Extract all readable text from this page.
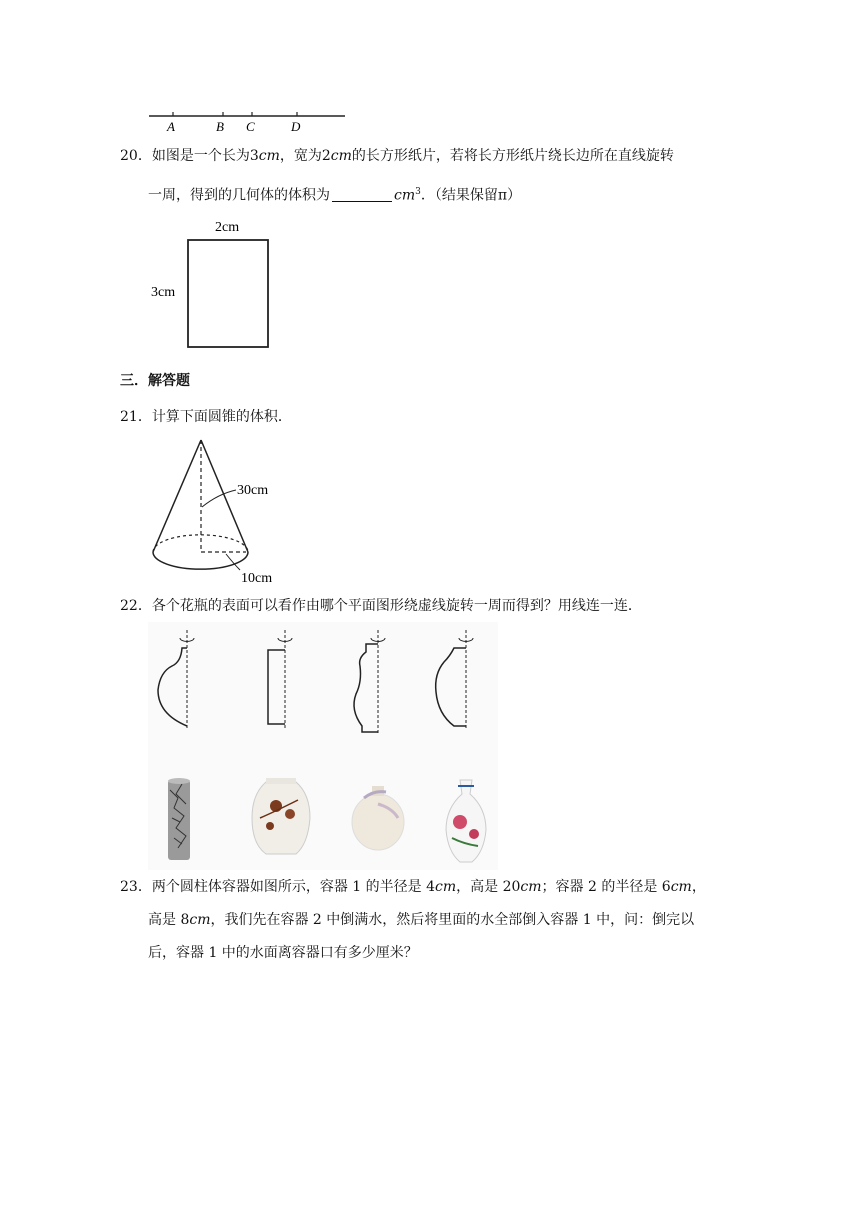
A	B C	D
20．如图是一个长为3cm，宽为2cm的长方形纸片，若将长方形纸片绕长边所在直线旋转
一周，得到的几何体的体积为	$cm^3$．（结果保留π）
2cm
3cm
三．解答题
21．计算下面圆锥的体积．
30cm
10cm
22．各个花瓶的表面可以看作由哪个平面图形绕虚线旋转一周而得到？用线连一连．
23．两个圆柱体容器如图所示，容器 1 的半径是 4cm，高是 20cm；容器 2 的半径是 6cm，
高是 8cm，我们先在容器 2 中倒满水，然后将里面的水全部倒入容器 1 中，问：倒完以
后，容器 1 中的水面离容器口有多少厘米？
